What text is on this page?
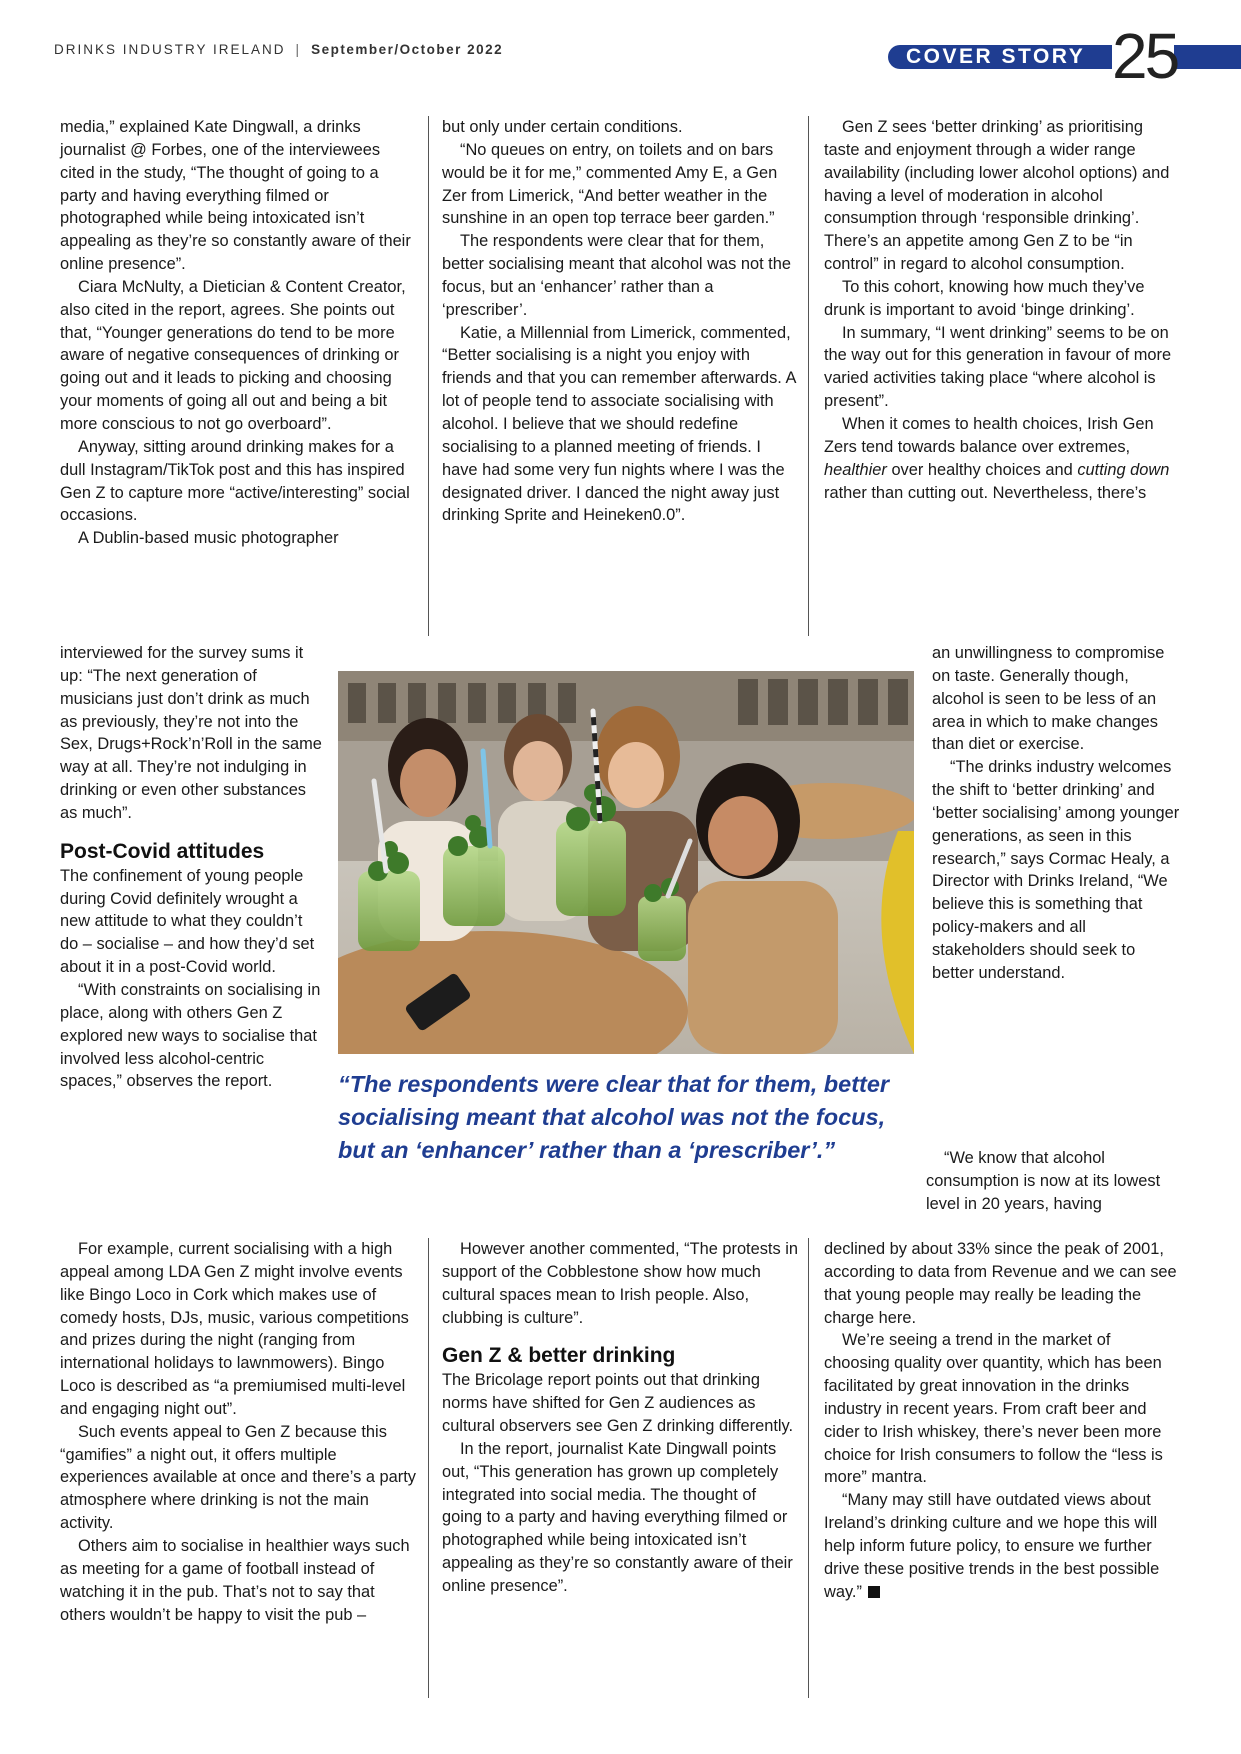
DRINKS INDUSTRY IRELAND | September/October 2022	COVER STORY 25

media,” explained Kate Dingwall, a drinks journalist @ Forbes, one of the interviewees cited in the study, “The thought of going to a party and having everything filmed or photographed while being intoxicated isn’t appealing as they’re so constantly aware of their online presence”.

Ciara McNulty, a Dietician & Content Creator, also cited in the report, agrees. She points out that, “Younger generations do tend to be more aware of negative consequences of drinking or going out and it leads to picking and choosing your moments of going all out and being a bit more conscious to not go overboard”.

Anyway, sitting around drinking makes for a dull Instagram/TikTok post and this has inspired Gen Z to capture more “active/interesting” social occasions.

A Dublin-based music photographer

interviewed for the survey sums it up: “The next generation of musicians just don’t drink as much as previously, they’re not into the Sex, Drugs+Rock’n’Roll in the same way at all. They’re not indulging in drinking or even other substances as much”.

Post-Covid attitudes

The confinement of young people during Covid definitely wrought a new attitude to what they couldn’t do – socialise – and how they’d set about it in a post-Covid world.

“With constraints on socialising in place, along with others Gen Z explored new ways to socialise that involved less alcohol-centric spaces,” observes the report.

For example, current socialising with a high appeal among LDA Gen Z might involve events like Bingo Loco in Cork which makes use of comedy hosts, DJs, music, various competitions and prizes during the night (ranging from international holidays to lawnmowers). Bingo Loco is described as “a premiumised multi-level and engaging night out”.

Such events appeal to Gen Z because this “gamifies” a night out, it offers multiple experiences available at once and there’s a party atmosphere where drinking is not the main activity.

Others aim to socialise in healthier ways such as meeting for a game of football instead of watching it in the pub. That’s not to say that others wouldn’t be happy to visit the pub –

but only under certain conditions.

“No queues on entry, on toilets and on bars would be it for me,” commented Amy E, a Gen Zer from Limerick, “And better weather in the sunshine in an open top terrace beer garden.”

The respondents were clear that for them, better socialising meant that alcohol was not the focus, but an ‘enhancer’ rather than a ‘prescriber’.

Katie, a Millennial from Limerick, commented, “Better socialising is a night you enjoy with friends and that you can remember afterwards. A lot of people tend to associate socialising with alcohol. I believe that we should redefine socialising to a planned meeting of friends. I have had some very fun nights where I was the designated driver. I danced the night away just drinking Sprite and Heineken0.0”.

“The respondents were clear that for them, better socialising meant that alcohol was not the focus, but an ‘enhancer’ rather than a ‘prescriber’.”

However another commented, “The protests in support of the Cobblestone show how much cultural spaces mean to Irish people. Also, clubbing is culture”.

Gen Z & better drinking

The Bricolage report points out that drinking norms have shifted for Gen Z audiences as cultural observers see Gen Z drinking differently.

In the report, journalist Kate Dingwall points out, “This generation has grown up completely integrated into social media. The thought of going to a party and having everything filmed or photographed while being intoxicated isn’t appealing as they’re so constantly aware of their online presence”.

Gen Z sees ‘better drinking’ as prioritising taste and enjoyment through a wider range availability (including lower alcohol options) and having a level of moderation in alcohol consumption through ‘responsible drinking’. There’s an appetite among Gen Z to be “in control” in regard to alcohol consumption.

To this cohort, knowing how much they’ve drunk is important to avoid ‘binge drinking’.

In summary, “I went drinking” seems to be on the way out for this generation in favour of more varied activities taking place “where alcohol is present”.

When it comes to health choices, Irish Gen Zers tend towards balance over extremes, healthier over healthy choices and cutting down rather than cutting out. Nevertheless, there’s

an unwillingness to compromise on taste. Generally though, alcohol is seen to be less of an area in which to make changes than diet or exercise.

“The drinks industry welcomes the shift to ‘better drinking’ and ‘better socialising’ among younger generations, as seen in this research,” says Cormac Healy, a Director with Drinks Ireland, “We believe this is something that policy-makers and all stakeholders should seek to better understand.

“We know that alcohol consumption is now at its lowest level in 20 years, having

declined by about 33% since the peak of 2001, according to data from Revenue and we can see that young people may really be leading the charge here.

We’re seeing a trend in the market of choosing quality over quantity, which has been facilitated by great innovation in the drinks industry in recent years. From craft beer and cider to Irish whiskey, there’s never been more choice for Irish consumers to follow the “less is more” mantra.

“Many may still have outdated views about Ireland’s drinking culture and we hope this will help inform future policy, to ensure we further drive these positive trends in the best possible way.”
